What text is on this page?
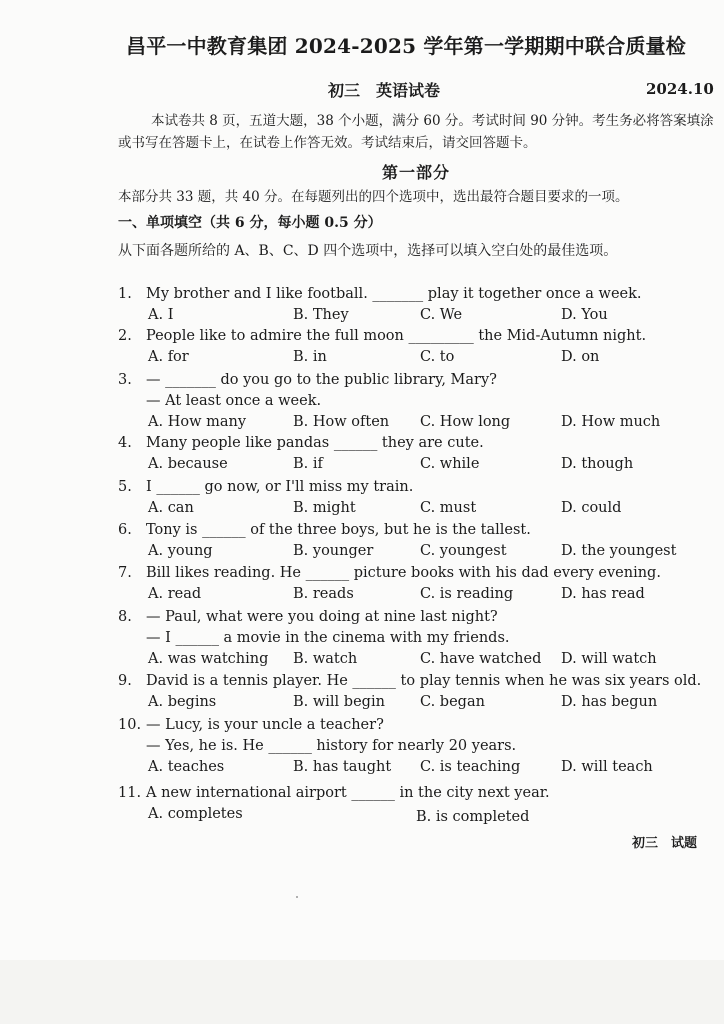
昌平一中教育集团 2024-2025 学年第一学期期中联合质量检
初三　英语试卷	2024.10
本试卷共 8 页，五道大题，38 个小题，满分 60 分。考试时间 90 分钟。考生务必将答案填涂或书写在答题卡上，在试卷上作答无效。考试结束后，请交回答题卡。
第一部分
本部分共 33 题，共 40 分。在每题列出的四个选项中，选出最符合题目要求的一项。
一、单项填空（共 6 分，每小题 0.5 分）
从下面各题所给的 A、B、C、D 四个选项中，选择可以填入空白处的最佳选项。
1. My brother and I like football. _______ play it together once a week.
A. I	B. They	C. We	D. You
2. People like to admire the full moon _________ the Mid-Autumn night.
A. for	B. in	C. to	D. on
3. — _______ do you go to the public library, Mary?
— At least once a week.
A. How many	B. How often C. How long	D. How much
4. Many people like pandas ______ they are cute.
A. because	B. if	C. while	D. though
5. I ______ go now, or I'll miss my train.
A. can	B. might	C. must	D. could
6. Tony is ______ of the three boys, but he is the tallest.
A. young	B. younger	C. youngest	D. the youngest
7. Bill likes reading. He ______ picture books with his dad every evening.
A. read	B. reads	C. is reading	D. has read
8. — Paul, what were you doing at nine last night?
— I ______ a movie in the cinema with my friends.
A. was watching B. watch	C. have watched D. will watch
9. David is a tennis player. He ______ to play tennis when he was six years old.
A. begins	B. will begin C. began	D. has begun
10. — Lucy, is your uncle a teacher?
— Yes, he is. He ______ history for nearly 20 years.
A. teaches	B. has taught C. is teaching	D. will teach
11. A new international airport ______ in the city next year.
A. completes	B. is completed
初三　试题
